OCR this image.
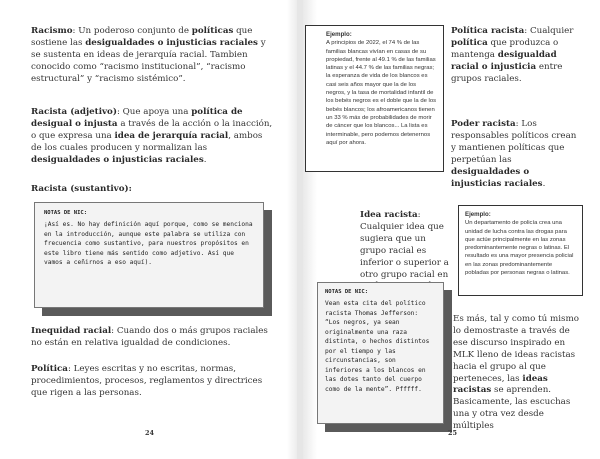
Racismo: Un poderoso conjunto de políticas que sostiene las desigualdades o injusticias raciales y se sustenta en ideas de jerarquía racial. Tambien conocido como “racismo institucional”, “racismo estructural” y “racismo sistémico”.

Racista (adjetivo): Que apoya una política de desigual o injusta a través de la acción o la inacción, o que expresa una idea de jerarquía racial, ambos de los cuales producen y normalizan las desigualdades o injusticias raciales.

Racista (sustantivo):

NOTAS DE NIC:
¡Así es. No hay definición aquí porque, como se menciona en la introducción, aunque este palabra se utiliza con frecuencia como sustantivo, para nuestros propósitos en este libro tiene más sentido como adjetivo. Así que vamos a ceñirnos a eso aquí).

Inequidad racial: Cuando dos o más grupos raciales no están en relativa igualdad de condiciones.

Política: Leyes escritas y no escritas, normas, procedimientos, procesos, reglamentos y directrices que rigen a las personas.

24
Ejemplo:
A principios de 2022, el 74 % de las familias blancas vivían en casas de su propiedad, frente al 49.1 % de las familias latinas y el 44.7 % de las familias negras; la esperanza de vida de los blancos es casi seis años mayor que la de los negros, y la tasa de mortalidad infantil de los bebés negros es el doble que la de los bebés blancos; los afroamericanos tienen un 33 % más de probabilidades de morir de cáncer que los blancos... La lista es interminable, pero podemos detenernos aquí por ahora.

Política racista: Cualquier política que produzca o mantenga desigualdad racial o injusticia entre grupos raciales.

Poder racista: Los responsables políticos crean y mantienen políticas que perpetúan las desigualdades o injusticias raciales.

Idea racista: Cualquier idea que sugiera que un grupo racial es inferior o superior a otro grupo racial en

Ejemplo:
Un departamento de policía crea una unidad de lucha contra las drogas para que actúe principalmente en las zonas predominantemente negras o latinas. El resultado es una mayor presencia policial en las zonas predominantemente pobladas por personas negras o latinas.
NOTAS DE NIC:
Vean esta cita del político racista Thomas Jefferson: “Los negros, ya sean originalmente una raza distinta, o hechos distintos por el tiempo y las circunstancias, son inferiores a los blancos en las dotes tanto del cuerpo como de la mente”. Pfffff.

Es más, tal y como tú mismo lo demostraste a través de ese discurso inspirado en MLK lleno de ideas racistas hacia el grupo al que perteneces, las ideas racistas se aprenden. Basicamente, las escuchas una y otra vez desde múltiples

25
